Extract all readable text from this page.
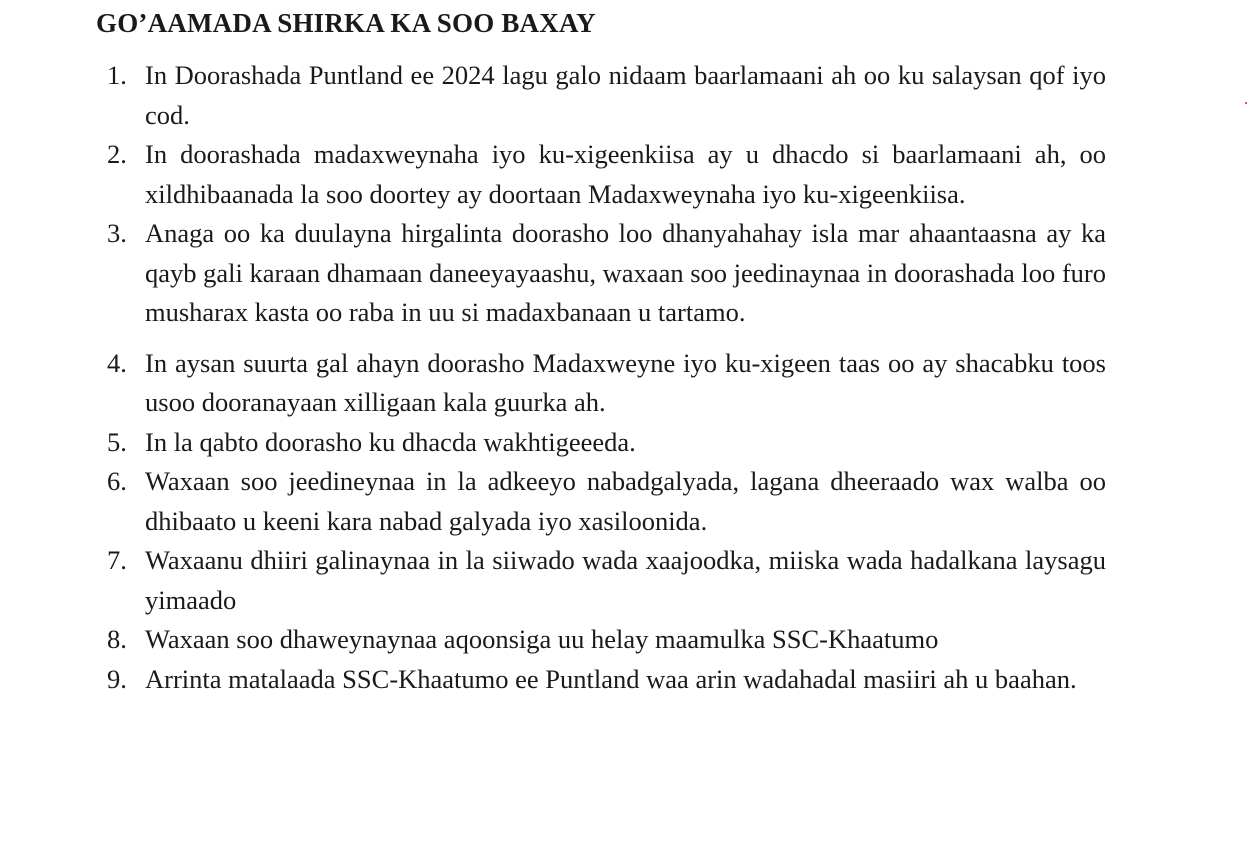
GO’AAMADA SHIRKA KA SOO BAXAY
1. In Doorashada Puntland ee 2024 lagu galo nidaam baarlamaani ah oo ku salaysan qof iyo cod.
2. In doorashada madaxweynaha iyo ku-xigeenkiisa ay u dhacdo si baarlamaani ah, oo xildhibaanada la soo doortey ay doortaan Madaxweynaha iyo ku-xigeenkiisa.
3. Anaga oo ka duulayna hirgalinta doorasho loo dhanyahahay isla mar ahaantaasna ay ka qayb gali karaan dhamaan daneeyayaashu, waxaan soo jeedinaynaa in doorashada loo furo musharax kasta oo raba in uu si madaxbanaan u tartamo.
4. In aysan suurta gal ahayn doorasho Madaxweyne iyo ku-xigeen taas oo ay shacabku toos usoo dooranayaan xilligaan kala guurka ah.
5. In la qabto doorasho ku dhacda wakhtigeeeda.
6. Waxaan soo jeedineynaa in la adkeeyo nabadgalyada, lagana dheeraado wax walba oo dhibaato u keeni kara nabad galyada iyo xasiloonida.
7. Waxaanu dhiiri galinaynaa in la siiwado wada xaajoodka, miiska wada hadalkana laysagu yimaado
8. Waxaan soo dhaweynaynaa aqoonsiga uu helay maamulka SSC-Khaatumo
9. Arrinta matalaada SSC-Khaatumo ee Puntland waa arin wadahadal masiiri ah u baahan.
